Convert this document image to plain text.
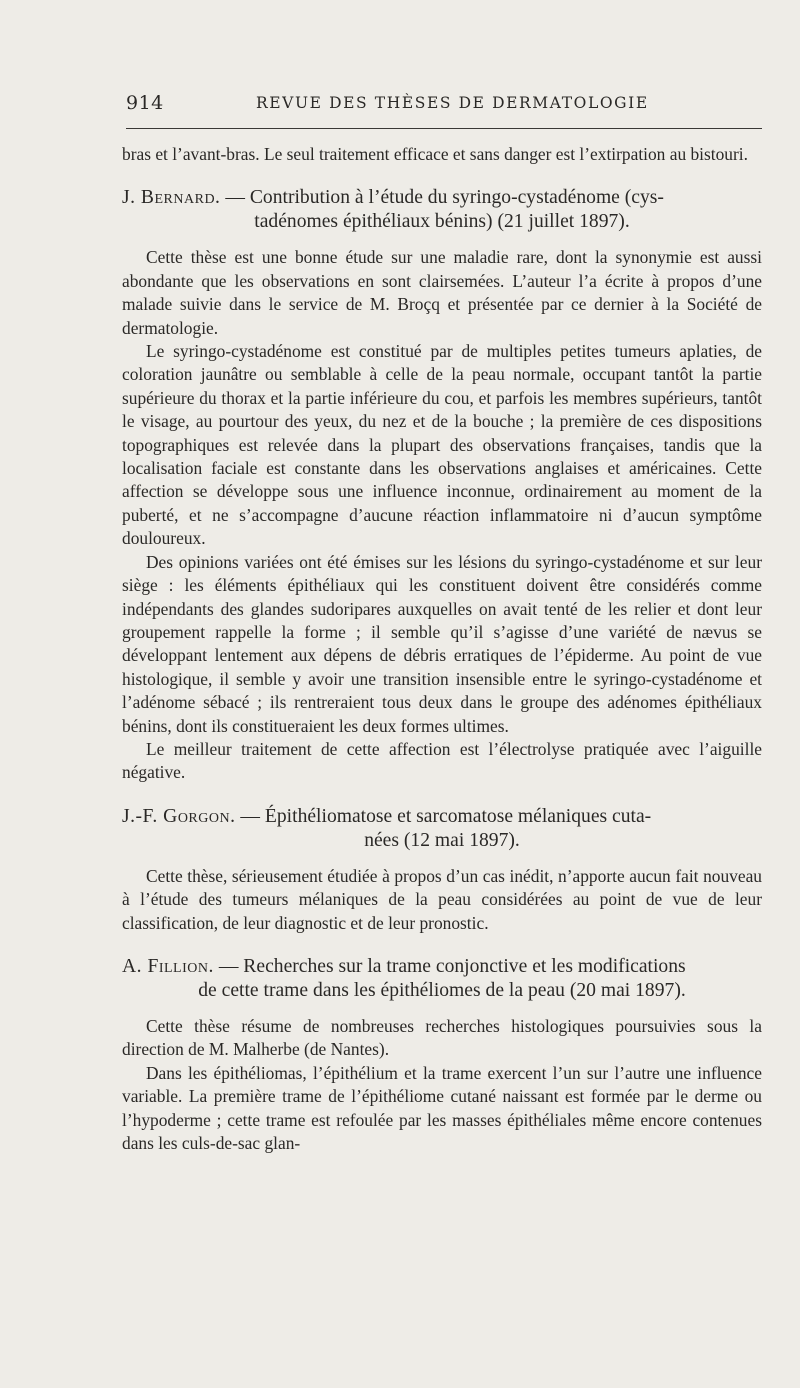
914	REVUE DES THÈSES DE DERMATOLOGIE

bras et l’avant-bras. Le seul traitement efficace et sans danger est l’extirpation au bistouri.

J. Bernard. — Contribution à l’étude du syringo-cystadénome (cys-
tadénomes épithéliaux bénins) (21 juillet 1897).

Cette thèse est une bonne étude sur une maladie rare, dont la synonymie est aussi abondante que les observations en sont clairsemées. L’auteur l’a écrite à propos d’une malade suivie dans le service de M. Broçq et présentée par ce dernier à la Société de dermatologie.

Le syringo-cystadénome est constitué par de multiples petites tumeurs aplaties, de coloration jaunâtre ou semblable à celle de la peau normale, occupant tantôt la partie supérieure du thorax et la partie inférieure du cou, et parfois les membres supérieurs, tantôt le visage, au pourtour des yeux, du nez et de la bouche ; la première de ces dispositions topographiques est relevée dans la plupart des observations françaises, tandis que la localisation faciale est constante dans les observations anglaises et américaines. Cette affection se développe sous une influence inconnue, ordinairement au moment de la puberté, et ne s’accompagne d’aucune réaction inflammatoire ni d’aucun symptôme douloureux.

Des opinions variées ont été émises sur les lésions du syringo-cystadénome et sur leur siège : les éléments épithéliaux qui les constituent doivent être considérés comme indépendants des glandes sudoripares auxquelles on avait tenté de les relier et dont leur groupement rappelle la forme ; il semble qu’il s’agisse d’une variété de nævus se développant lentement aux dépens de débris erratiques de l’épiderme. Au point de vue histologique, il semble y avoir une transition insensible entre le syringo-cystadénome et l’adénome sébacé ; ils rentreraient tous deux dans le groupe des adénomes épithéliaux bénins, dont ils constitueraient les deux formes ultimes.

Le meilleur traitement de cette affection est l’électrolyse pratiquée avec l’aiguille négative.

J.-F. Gorgon. — Épithéliomatose et sarcomatose mélaniques cuta-
nées (12 mai 1897).

Cette thèse, sérieusement étudiée à propos d’un cas inédit, n’apporte aucun fait nouveau à l’étude des tumeurs mélaniques de la peau considérées au point de vue de leur classification, de leur diagnostic et de leur pronostic.

A. Fillion. — Recherches sur la trame conjonctive et les modifications
de cette trame dans les épithéliomes de la peau (20 mai 1897).

Cette thèse résume de nombreuses recherches histologiques poursuivies sous la direction de M. Malherbe (de Nantes).

Dans les épithéliomas, l’épithélium et la trame exercent l’un sur l’autre une influence variable. La première trame de l’épithéliome cutané naissant est formée par le derme ou l’hypoderme ; cette trame est refoulée par les masses épithéliales même encore contenues dans les culs-de-sac glan-
